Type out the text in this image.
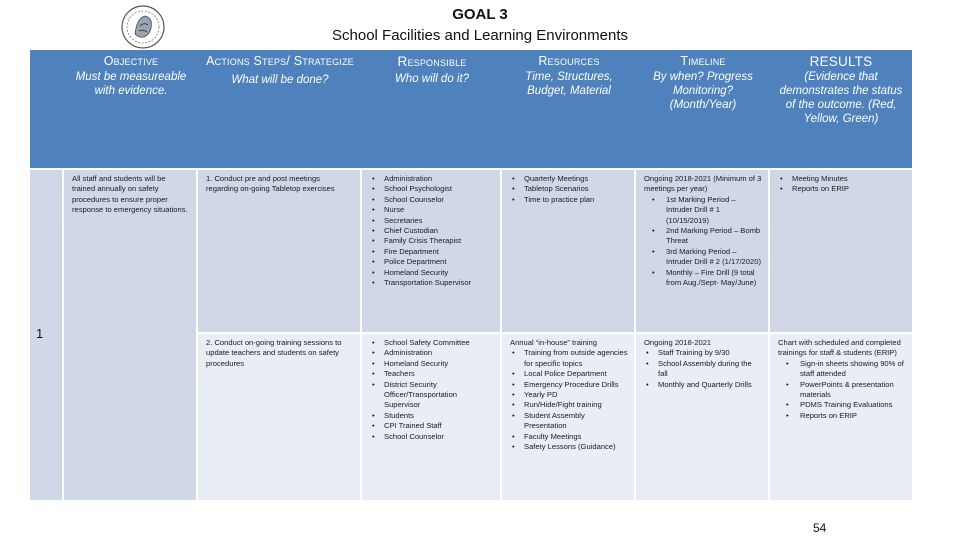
GOAL 3
School Facilities and Learning Environments
Objective
Must be measureable with evidence.
Actions Steps/ Strategize
What will be done?
Responsible
Who will do it?
Resources
Time, Structures, Budget, Material
Timeline
By when? Progress Monitoring? (Month/Year)
RESULTS
(Evidence that demonstrates the status of the outcome. (Red, Yellow, Green)

All staff and students will be trained annually on safety procedures to ensure proper response to emergency situations.

1. Conduct pre and post meetings regarding on-going Tabletop exercises

• Administration
• School Psychologist
• School Counselor
• Nurse
• Secretaries
• Chief Custodian
• Family Crisis Therapist
• Fire Department
• Police Department
• Homeland Security
• Transportation Supervisor
• Quarterly Meetings
• Tabletop Scenarios
• Time to practice plan

Ongoing 2018-2021 (Minimum of 3 meetings per year)

• 1st Marking Period – Intruder Drill # 1 (10/15/2019)
• 2nd Marking Period – Bomb Threat
• 3rd Marking Period –Intruder Drill # 2 (1/17/2020)
• Monthly – Fire Drill (9 total from Aug./Sept- May/June)
• Meeting Minutes
• Reports on ERIP

2. Conduct on-going training sessions to update teachers and students on safety procedures

• School Safety Committee
• Administration
• Homeland Security
• Teachers
• District Security Officer/Transportation Supervisor
• Students
• CPI Trained Staff
• School Counselor

Annual “in-house” training

• Training from outside agencies for specific topics
• Local Police Department
• Emergency Procedure Drills
• Yearly PD
• Run/Hide/Fight training
• Student Assembly Presentation
• Faculty Meetings
• Safety Lessons (Guidance)

Ongoing 2018-2021

• Staff Training by 9/30
• School Assembly during the fall
• Monthly and Quarterly Drills

Chart with scheduled and completed trainings for staff & students (ERIP)

• Sign-in sheets showing 90% of staff attended
• PowerPoints & presentation materials
• PDMS Training Evaluations
• Reports on ERIP
1
54
